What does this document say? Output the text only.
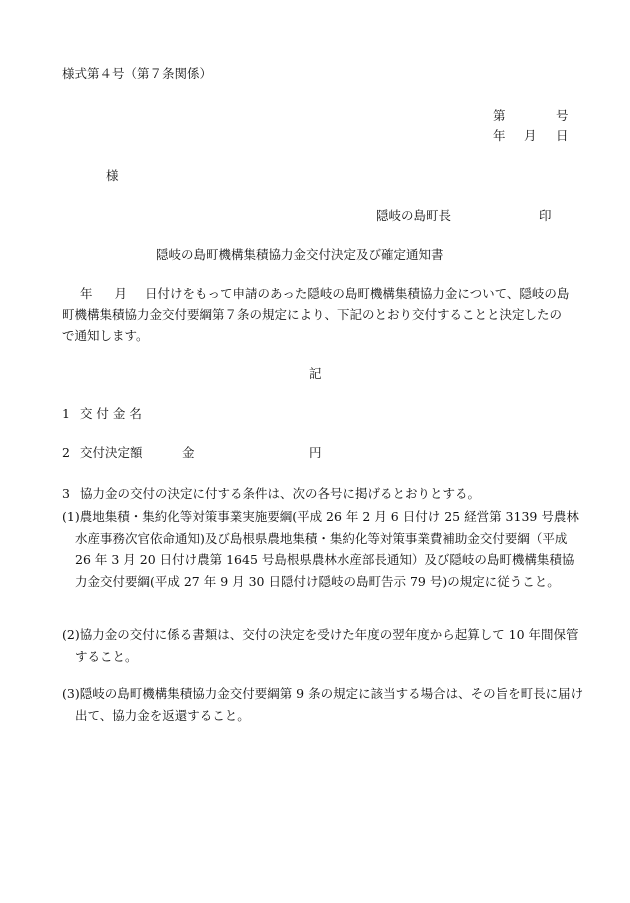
様式第４号（第７条関係）
第	号
年 月 日
様
隠岐の島町長	印
隠岐の島町機構集積協力金交付決定及び確定通知書
年 月 日付けをもって申請のあった隠岐の島町機構集積協力金について、隠岐の島町機構集積協力金交付要綱第７条の規定により、下記のとおり交付することと決定したので通知します。
記
1 交 付 金 名
2 交付決定額	金	円
3 協力金の交付の決定に付する条件は、次の各号に掲げるとおりとする。
(1)農地集積・集約化等対策事業実施要綱(平成 26 年 2 月 6 日付け 25 経営第 3139 号農林水産事務次官依命通知)及び島根県農地集積・集約化等対策事業費補助金交付要綱（平成 26 年 3 月 20 日付け農第 1645 号島根県農林水産部長通知）及び隠岐の島町機構集積協力金交付要綱(平成 27 年 9 月 30 日隠付け隠岐の島町告示 79 号)の規定に従うこと。
(2)協力金の交付に係る書類は、交付の決定を受けた年度の翌年度から起算して 10 年間保管すること。
(3)隠岐の島町機構集積協力金交付要綱第 9 条の規定に該当する場合は、その旨を町長に届け出て、協力金を返還すること。
